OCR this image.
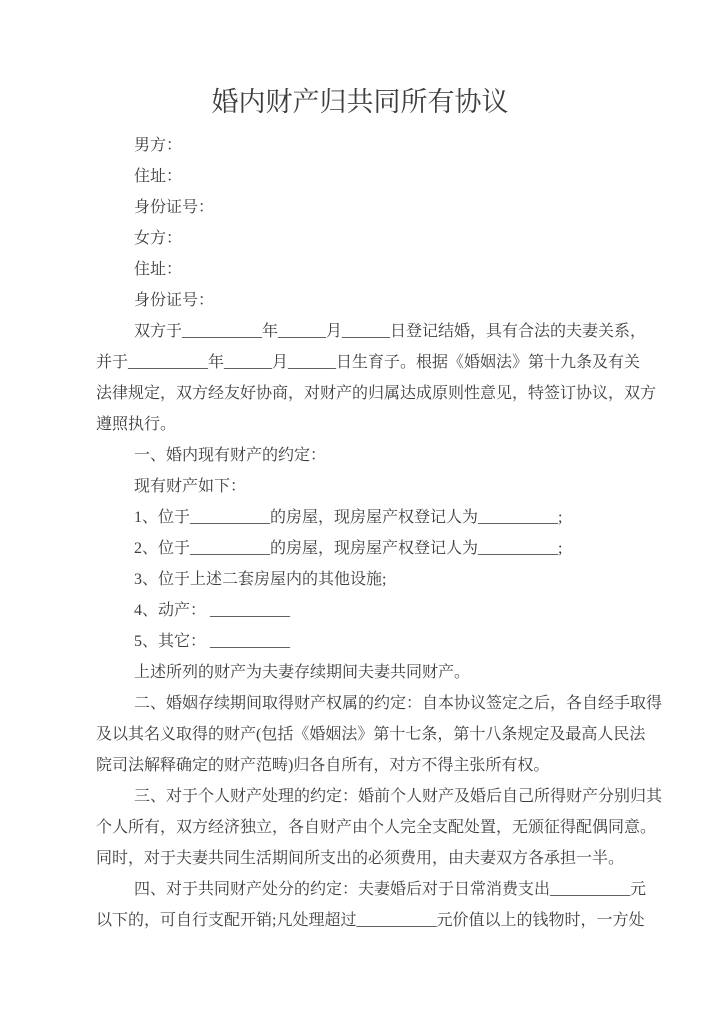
婚内财产归共同所有协议
男方：
住址：
身份证号：
女方：
住址：
身份证号：
双方于__________年______月______日登记结婚，具有合法的夫妻关系，
并于__________年______月______日生育子。根据《婚姻法》第十九条及有关
法律规定，双方经友好协商，对财产的归属达成原则性意见，特签订协议，双方
遵照执行。
一、婚内现有财产的约定：
现有财产如下：
1、位于__________的房屋，现房屋产权登记人为__________;
2、位于__________的房屋，现房屋产权登记人为__________;
3、位于上述二套房屋内的其他设施;
4、动产： __________
5、其它： __________
上述所列的财产为夫妻存续期间夫妻共同财产。
二、婚姻存续期间取得财产权属的约定：自本协议签定之后，各自经手取得
及以其名义取得的财产(包括《婚姻法》第十七条，第十八条规定及最高人民法
院司法解释确定的财产范畴)归各自所有，对方不得主张所有权。
三、对于个人财产处理的约定：婚前个人财产及婚后自己所得财产分别归其
个人所有，双方经济独立，各自财产由个人完全支配处置，无颁征得配偶同意。
同时，对于夫妻共同生活期间所支出的必须费用，由夫妻双方各承担一半。
四、对于共同财产处分的约定：夫妻婚后对于日常消费支出__________元
以下的，可自行支配开销;凡处理超过__________元价值以上的钱物时，一方处
